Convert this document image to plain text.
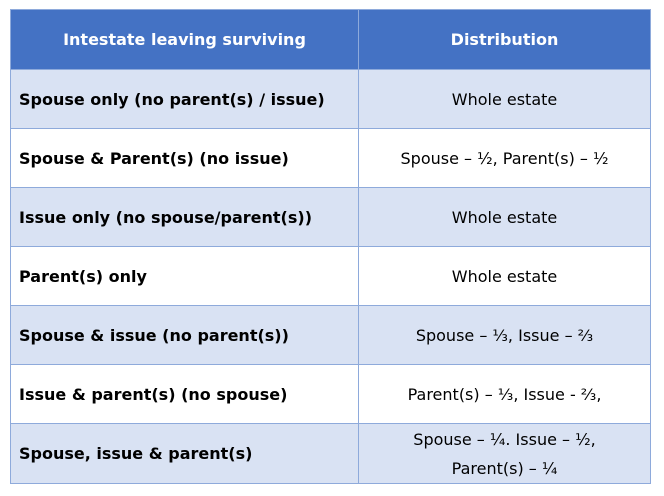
Intestate leaving surviving	Distribution
Spouse only (no parent(s) / issue)	Whole estate
Spouse & Parent(s) (no issue)	Spouse – ½, Parent(s) – ½
Issue only (no spouse/parent(s))	Whole estate
Parent(s) only	Whole estate
Spouse & issue (no parent(s))	Spouse – ⅓, Issue – ⅔
Issue & parent(s) (no spouse)	Parent(s) – ⅓, Issue - ⅔,
Spouse, issue & parent(s)	Spouse – ¼. Issue – ½,
Parent(s) – ¼
